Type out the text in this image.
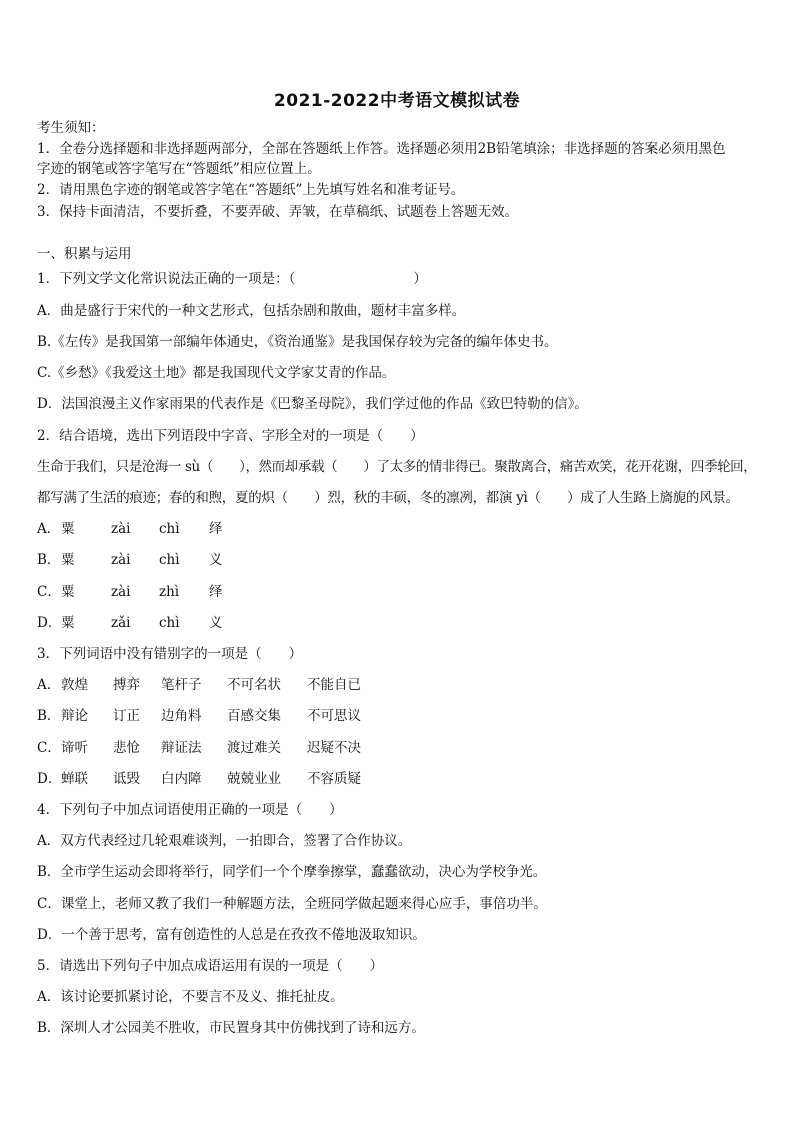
2021-2022中考语文模拟试卷
考生须知：
1．全卷分选择题和非选择题两部分，全部在答题纸上作答。选择题必须用2B铅笔填涂；非选择题的答案必须用黑色
字迹的钢笔或答字笔写在“答题纸”相应位置上。
2．请用黑色字迹的钢笔或答字笔在“答题纸”上先填写姓名和准考证号。
3．保持卡面清洁，不要折叠，不要弄破、弄皱，在草稿纸、试题卷上答题无效。
一、积累与运用
1．下列文学文化常识说法正确的一项是：（	）
A．曲是盛行于宋代的一种文艺形式，包括杂剧和散曲，题材丰富多样。
B.《左传》是我国第一部编年体通史，《资治通鉴》是我国保存较为完备的编年体史书。
C.《乡愁》《我爱这土地》都是我国现代文学家艾青的作品。
D．法国浪漫主义作家雨果的代表作是《巴黎圣母院》，我们学过他的作品《致巴特勒的信》。
2．结合语境，选出下列语段中字音、字形全对的一项是（　　）
生命于我们，只是沧海一 sù（　　），然而却承载（　　）了太多的情非得已。聚散离合，痛苦欢笑，花开花谢，四季轮回，
都写满了生活的痕迹；春的和煦，夏的炽（　　）烈，秋的丰硕，冬的凛冽，都演 yì（　　）成了人生路上旖旎的风景。
A．粟	zài chì 绎
B．粟	zài chì 义
C．粟	zài zhì 绎
D．粟	zǎi chì 义
3．下列词语中没有错别字的一项是（　　）
A．敦煌 搏弈 笔杆子 不可名状 不能自已
B．辩论 订正 边角料 百感交集 不可思议
C．谛听 悲怆 辩证法 渡过难关 迟疑不决
D．蝉联 诋毁 白内障 兢兢业业 不容质疑
4．下列句子中加点词语使用正确的一项是（　　）
A．双方代表经过几轮艰难谈判，一拍即合，签署了合作协议。
B．全市学生运动会即将举行，同学们一个个摩拳擦掌，蠢蠢欲动，决心为学校争光。
C．课堂上，老师又教了我们一种解题方法，全班同学做起题来得心应手，事倍功半。
D．一个善于思考，富有创造性的人总是在孜孜不倦地汲取知识。
5．请选出下列句子中加点成语运用有误的一项是（　　）
A．该讨论要抓紧讨论，不要言不及义、推托扯皮。
B．深圳人才公园美不胜收，市民置身其中仿佛找到了诗和远方。
